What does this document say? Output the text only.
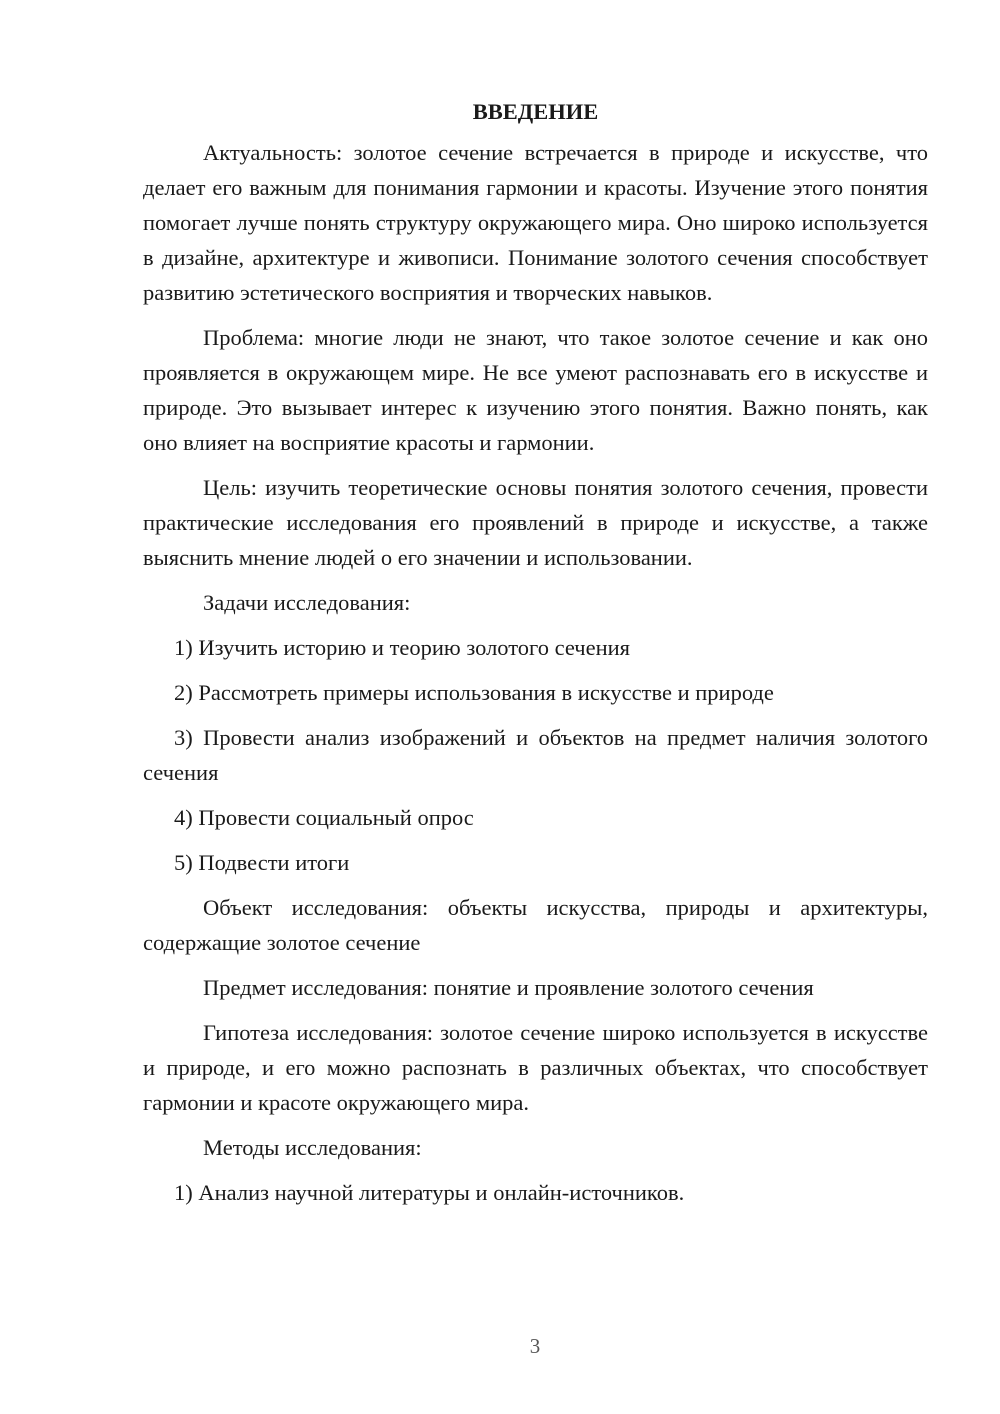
ВВЕДЕНИЕ

Актуальность: золотое сечение встречается в природе и искусстве, что делает его важным для понимания гармонии и красоты. Изучение этого понятия помогает лучше понять структуру окружающего мира. Оно широко используется в дизайне, архитектуре и живописи. Понимание золотого сечения способствует развитию эстетического восприятия и творческих навыков.

Проблема: многие люди не знают, что такое золотое сечение и как оно проявляется в окружающем мире. Не все умеют распознавать его в искусстве и природе. Это вызывает интерес к изучению этого понятия. Важно понять, как оно влияет на восприятие красоты и гармонии.

Цель: изучить теоретические основы понятия золотого сечения, провести практические исследования его проявлений в природе и искусстве, а также выяснить мнение людей о его значении и использовании.

Задачи исследования:

1) Изучить историю и теорию золотого сечения

2) Рассмотреть примеры использования в искусстве и природе

3) Провести анализ изображений и объектов на предмет наличия золотого сечения

4) Провести социальный опрос

5) Подвести итоги

Объект исследования: объекты искусства, природы и архитектуры, содержащие золотое сечение

Предмет исследования: понятие и проявление золотого сечения

Гипотеза исследования: золотое сечение широко используется в искусстве и природе, и его можно распознать в различных объектах, что способствует гармонии и красоте окружающего мира.

Методы исследования:

1) Анализ научной литературы и онлайн-источников.

3
